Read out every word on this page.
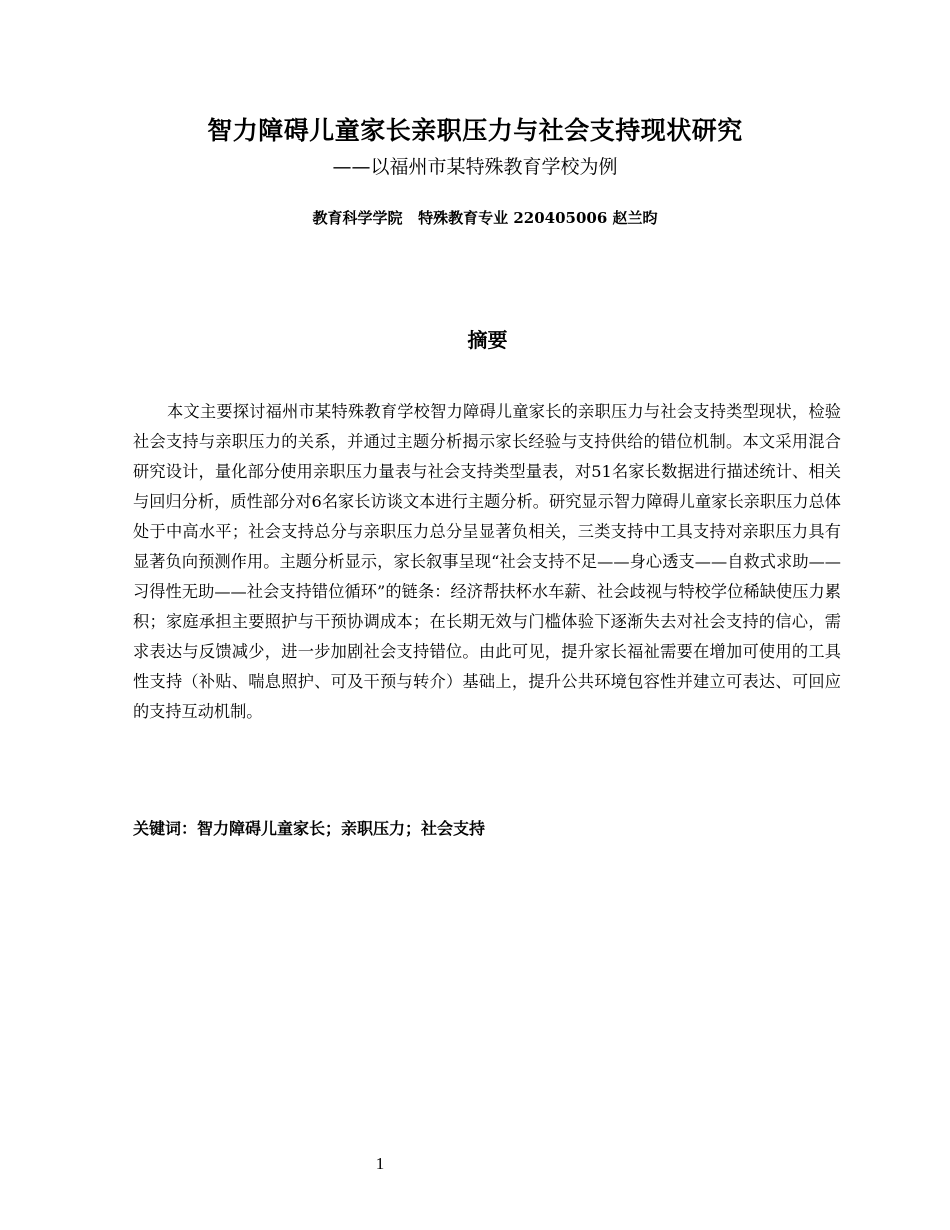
智力障碍儿童家长亲职压力与社会支持现状研究
——以福州市某特殊教育学校为例
教育科学学院   特殊教育专业 220405006 赵兰昀
摘要

本文主要探讨福州市某特殊教育学校智力障碍儿童家长的亲职压力与社会支持类型现状，检验社会支持与亲职压力的关系，并通过主题分析揭示家长经验与支持供给的错位机制。本文采用混合研究设计，量化部分使用亲职压力量表与社会支持类型量表，对51名家长数据进行描述统计、相关与回归分析，质性部分对6名家长访谈文本进行主题分析。研究显示智力障碍儿童家长亲职压力总体处于中高水平；社会支持总分与亲职压力总分呈显著负相关，三类支持中工具支持对亲职压力具有显著负向预测作用。主题分析显示，家长叙事呈现“社会支持不足——身心透支——自救式求助——习得性无助——社会支持错位循环”的链条：经济帮扶杯水车薪、社会歧视与特校学位稀缺使压力累积；家庭承担主要照护与干预协调成本；在长期无效与门槛体验下逐渐失去对社会支持的信心，需求表达与反馈减少，进一步加剧社会支持错位。由此可见，提升家长福祉需要在增加可使用的工具性支持（补贴、喘息照护、可及干预与转介）基础上，提升公共环境包容性并建立可表达、可回应的支持互动机制。

关键词：智力障碍儿童家长；亲职压力；社会支持
1
